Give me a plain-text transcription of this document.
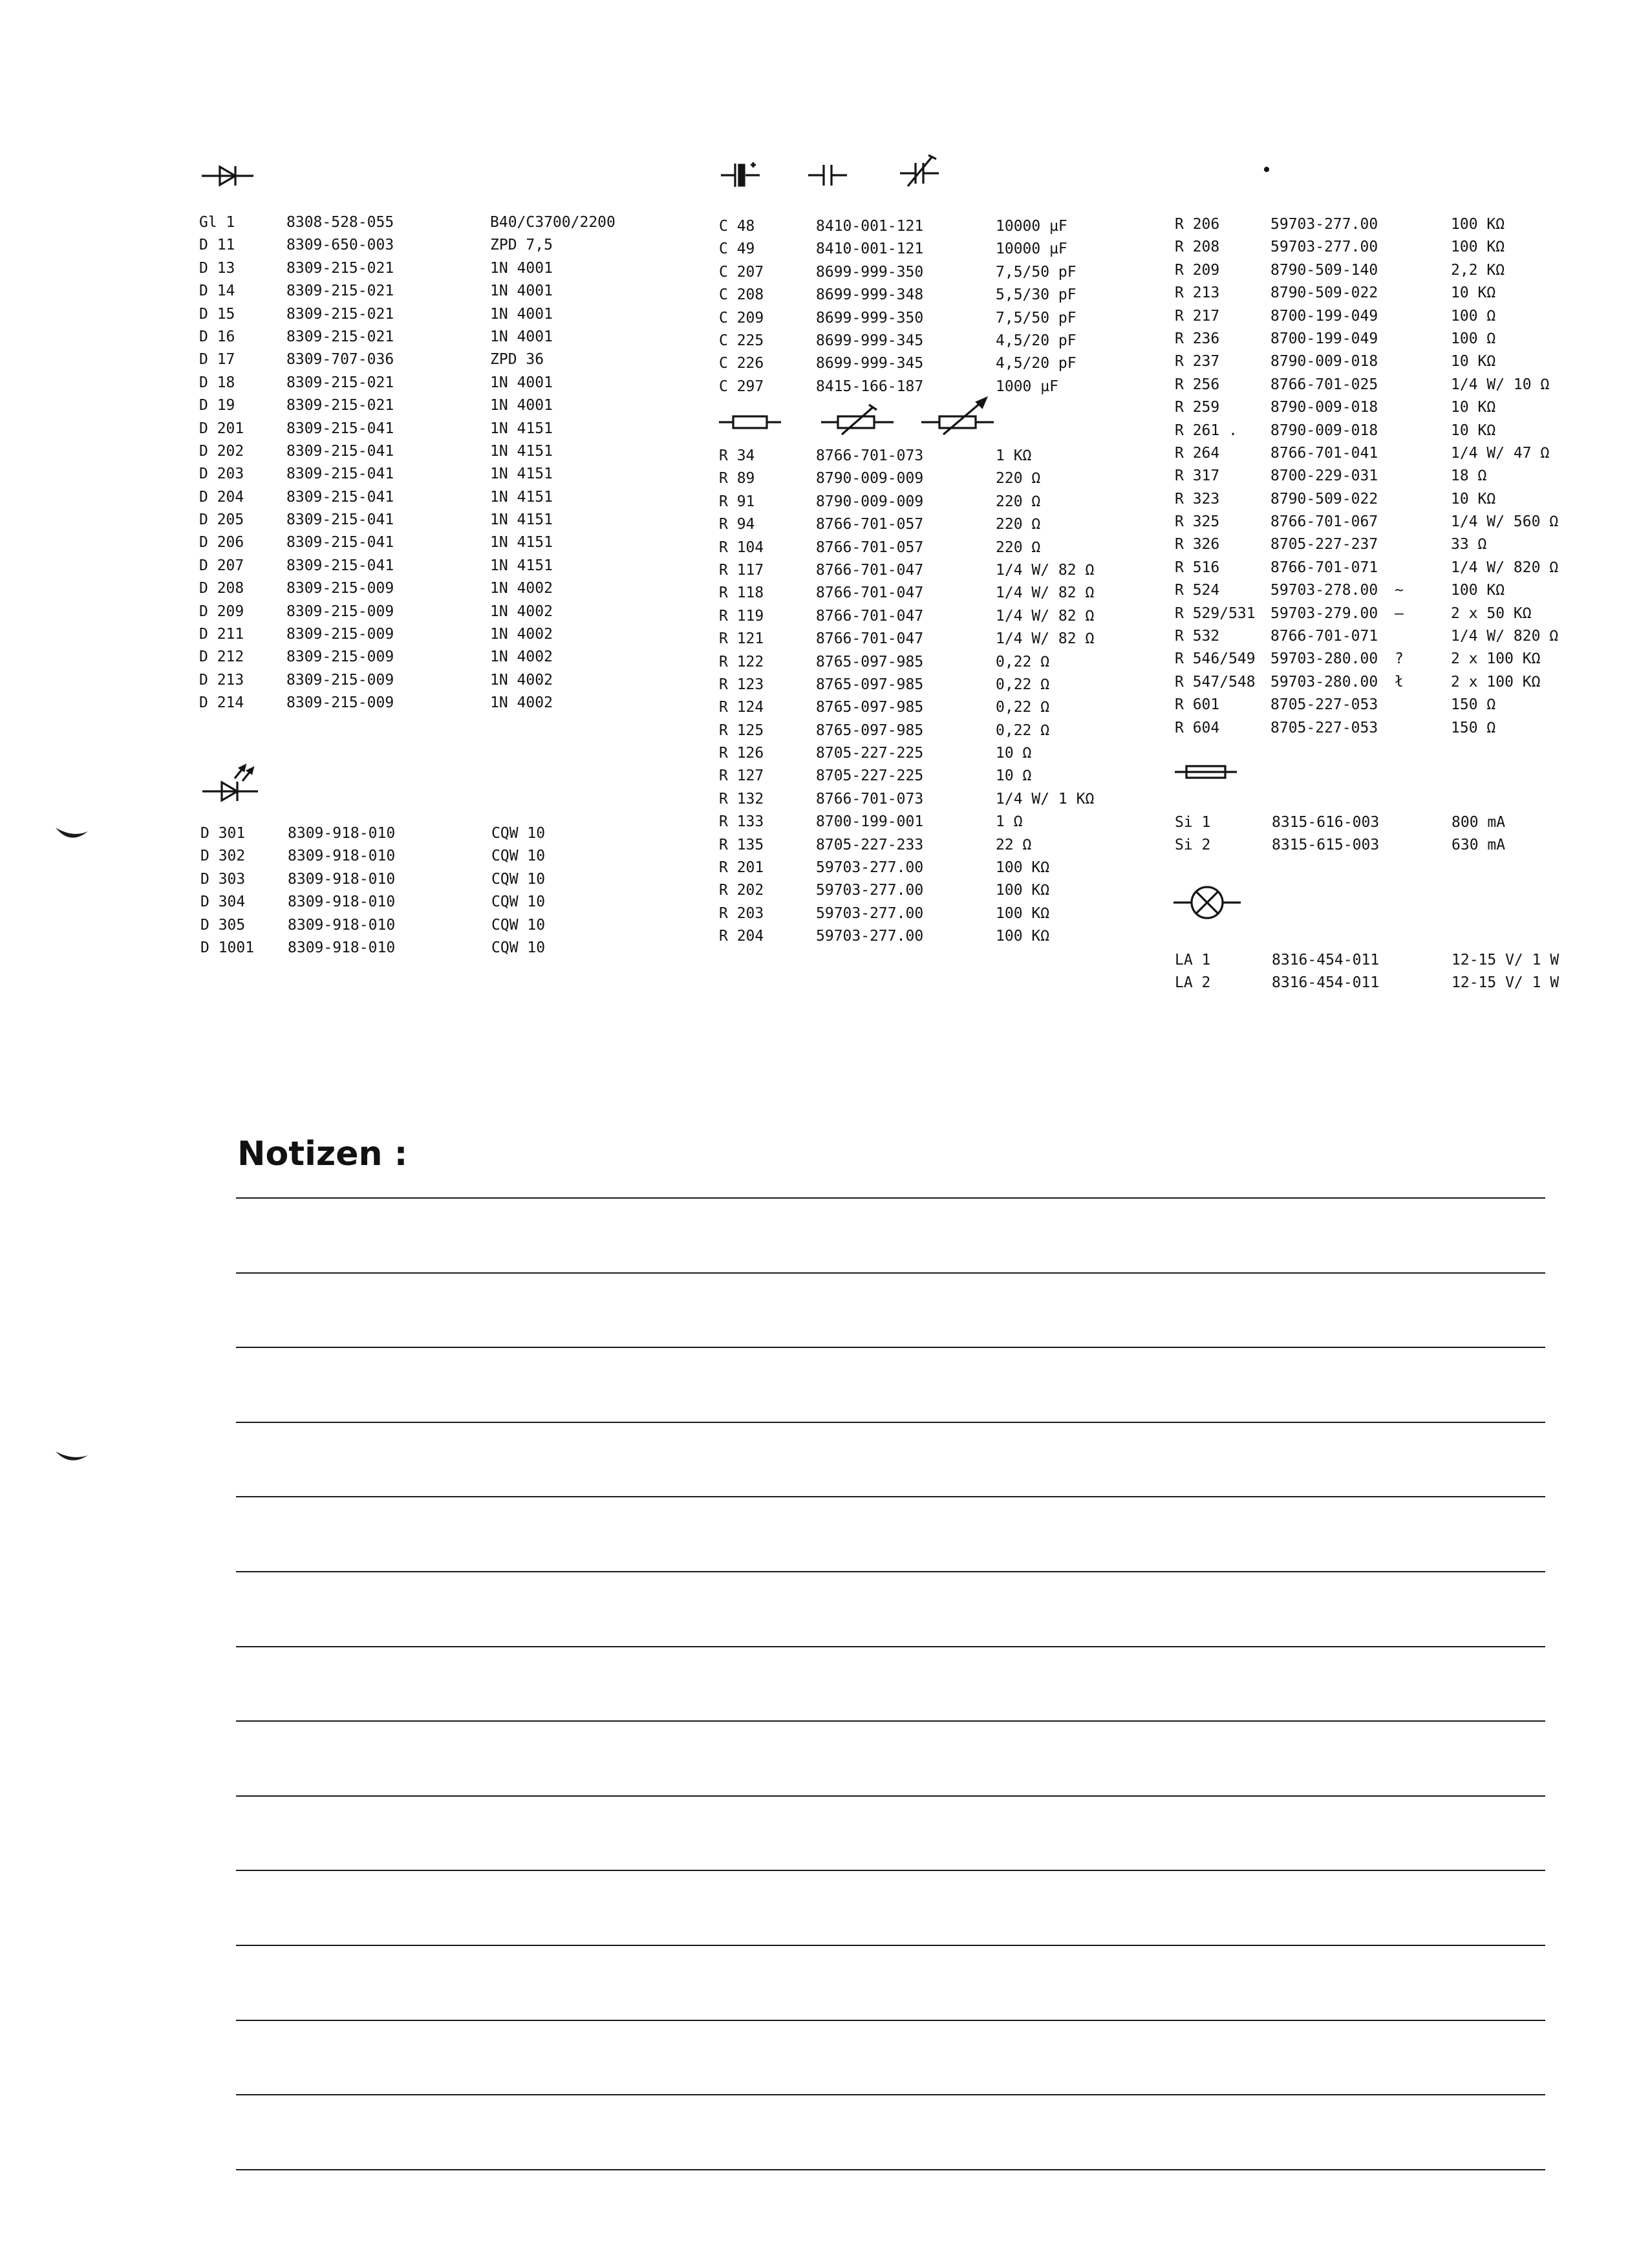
Gl 1	8308-528-055	B40/C3700/2200
D 11	8309-650-003	ZPD 7,5
D 13	8309-215-021	1N 4001
D 14	8309-215-021	1N 4001
D 15	8309-215-021	1N 4001
D 16	8309-215-021	1N 4001
D 17	8309-707-036	ZPD 36
D 18	8309-215-021	1N 4001
D 19	8309-215-021	1N 4001
D 201	8309-215-041	1N 4151
D 202	8309-215-041	1N 4151
D 203	8309-215-041	1N 4151
D 204	8309-215-041	1N 4151
D 205	8309-215-041	1N 4151
D 206	8309-215-041	1N 4151
D 207	8309-215-041	1N 4151
D 208	8309-215-009	1N 4002
D 209	8309-215-009	1N 4002
D 211	8309-215-009	1N 4002
D 212	8309-215-009	1N 4002
D 213	8309-215-009	1N 4002
D 214	8309-215-009	1N 4002
D 301	8309-918-010	CQW 10
D 302	8309-918-010	CQW 10
D 303	8309-918-010	CQW 10
D 304	8309-918-010	CQW 10
D 305	8309-918-010	CQW 10
D 1001 8309-918-010	CQW 10
C 48	8410-001-121	10000 µF
C 49	8410-001-121	10000 µF
C 207	8699-999-350	7,5/50 pF
C 208	8699-999-348	5,5/30 pF
C 209	8699-999-350	7,5/50 pF
C 225	8699-999-345	4,5/20 pF
C 226	8699-999-345	4,5/20 pF
C 297	8415-166-187	1000 µF
R 34	8766-701-073	1 KΩ
R 89	8790-009-009	220 Ω
R 91	8790-009-009	220 Ω
R 94	8766-701-057	220 Ω
R 104	8766-701-057	220 Ω
R 117	8766-701-047	1/4 W/ 82 Ω
R 118	8766-701-047	1/4 W/ 82 Ω
R 119	8766-701-047	1/4 W/ 82 Ω
R 121	8766-701-047	1/4 W/ 82 Ω
R 122	8765-097-985	0,22 Ω
R 123	8765-097-985	0,22 Ω
R 124	8765-097-985	0,22 Ω
R 125	8765-097-985	0,22 Ω
R 126	8705-227-225	10 Ω
R 127	8705-227-225	10 Ω
R 132	8766-701-073	1/4 W/ 1 KΩ
R 133	8700-199-001	1 Ω
R 135	8705-227-233	22 Ω
R 201	59703-277.00	100 KΩ
R 202	59703-277.00	100 KΩ
R 203	59703-277.00	100 KΩ
R 204	59703-277.00	100 KΩ
R 206	59703-277.00	100 KΩ
R 208	59703-277.00	100 KΩ
R 209	8790-509-140	2,2 KΩ
R 213	8790-509-022	10 KΩ
R 217	8700-199-049	100 Ω
R 236	8700-199-049	100 Ω
R 237	8790-009-018	10 KΩ
R 256	8766-701-025	1/4 W/ 10 Ω
R 259	8790-009-018	10 KΩ
R 261 . 8790-009-018	10 KΩ
R 264	8766-701-041	1/4 W/ 47 Ω
R 317	8700-229-031	18 Ω
R 323	8790-509-022	10 KΩ
R 325	8766-701-067	1/4 W/ 560 Ω
R 326	8705-227-237	33 Ω
R 516	8766-701-071	1/4 W/ 820 Ω
R 524	59703-278.00 ~	100 KΩ
R 529/531 59703-279.00 –	2 x 50 KΩ
R 532	8766-701-071	1/4 W/ 820 Ω
R 546/549 59703-280.00 ?	2 x 100 KΩ
R 547/548 59703-280.00 ł	2 x 100 KΩ
R 601	8705-227-053	150 Ω
R 604	8705-227-053	150 Ω
Si 1	8315-616-003	800 mA
Si 2	8315-615-003	630 mA
LA 1	8316-454-011	12-15 V/ 1 W
LA 2	8316-454-011	12-15 V/ 1 W
Notizen :
